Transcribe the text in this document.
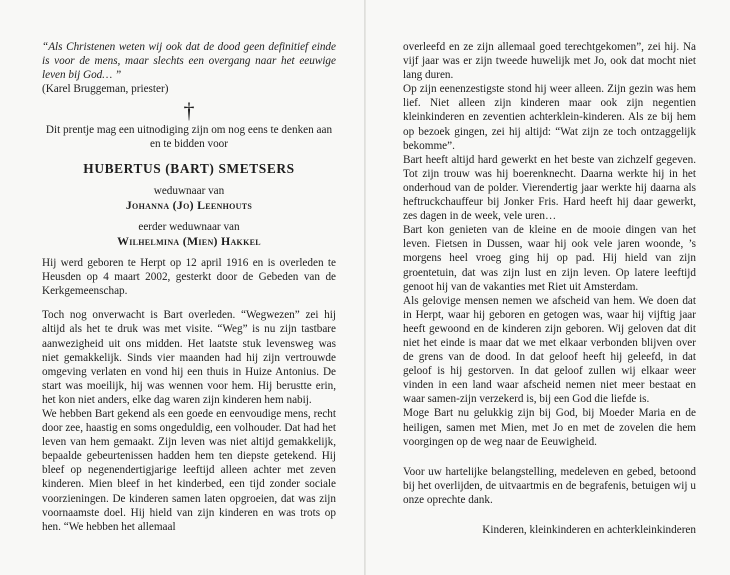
“Als Christenen weten wij ook dat de dood geen definitief einde is voor de mens, maar slechts een overgang naar het eeuwige leven bij God… ”

(Karel Bruggeman, priester)
†

Dit prentje mag een uitnodiging zijn om nog eens te denken aan en te bidden voor

HUBERTUS (BART) SMETSERS
weduwnaar van
Johanna (Jo) Leenhouts
eerder weduwnaar van
Wilhelmina (Mien) Hakkel

Hij werd geboren te Herpt op 12 april 1916 en is overleden te Heusden op 4 maart 2002, gesterkt door de Gebeden van de Kerkgemeenschap.

Toch nog onverwacht is Bart overleden. “Wegwezen” zei hij altijd als het te druk was met visite. “Weg” is nu zijn tastbare aanwezigheid uit ons midden. Het laatste stuk levensweg was niet gemakkelijk. Sinds vier maanden had hij zijn vertrouwde omgeving verlaten en vond hij een thuis in Huize Antonius. De start was moeilijk, hij was wennen voor hem. Hij berustte erin, het kon niet anders, elke dag waren zijn kinderen hem nabij.

We hebben Bart gekend als een goede en eenvoudige mens, recht door zee, haastig en soms ongeduldig, een volhouder. Dat had het leven van hem gemaakt. Zijn leven was niet altijd gemakkelijk, bepaalde gebeurtenissen hadden hem ten diepste getekend. Hij bleef op negenendertigjarige leeftijd alleen achter met zeven kinderen. Mien bleef in het kinderbed, een tijd zonder sociale voorzieningen. De kinderen samen laten opgroeien, dat was zijn voornaamste doel. Hij hield van zijn kinderen en was trots op hen. “We hebben het allemaal

overleefd en ze zijn allemaal goed terechtgekomen”, zei hij. Na vijf jaar was er zijn tweede huwelijk met Jo, ook dat mocht niet lang duren.

Op zijn eenenzestigste stond hij weer alleen. Zijn gezin was hem lief. Niet alleen zijn kinderen maar ook zijn negentien kleinkinderen en zeventien achterklein-kinderen. Als ze bij hem op bezoek gingen, zei hij altijd: “Wat zijn ze toch ontzaggelijk bekomme”.

Bart heeft altijd hard gewerkt en het beste van zichzelf gegeven. Tot zijn trouw was hij boerenknecht. Daarna werkte hij in het onderhoud van de polder. Vierendertig jaar werkte hij daarna als heftruckchauffeur bij Jonker Fris. Hard heeft hij daar gewerkt, zes dagen in de week, vele uren…

Bart kon genieten van de kleine en de mooie dingen van het leven. Fietsen in Dussen, waar hij ook vele jaren woonde, ’s morgens heel vroeg ging hij op pad. Hij hield van zijn groentetuin, dat was zijn lust en zijn leven. Op latere leeftijd genoot hij van de vakanties met Riet uit Amsterdam.

Als gelovige mensen nemen we afscheid van hem. We doen dat in Herpt, waar hij geboren en getogen was, waar hij vijftig jaar heeft gewoond en de kinderen zijn geboren. Wij geloven dat dit niet het einde is maar dat we met elkaar verbonden blijven over de grens van de dood. In dat geloof heeft hij geleefd, in dat geloof is hij gestorven. In dat geloof zullen wij elkaar weer vinden in een land waar afscheid nemen niet meer bestaat en waar samen-zijn verzekerd is, bij een God die liefde is.

Moge Bart nu gelukkig zijn bij God, bij Moeder Maria en de heiligen, samen met Mien, met Jo en met de zovelen die hem voorgingen op de weg naar de Eeuwigheid.

Voor uw hartelijke belangstelling, medeleven en gebed, betoond bij het overlijden, de uitvaartmis en de begrafenis, betuigen wij u onze oprechte dank.

Kinderen, kleinkinderen en achterkleinkinderen
